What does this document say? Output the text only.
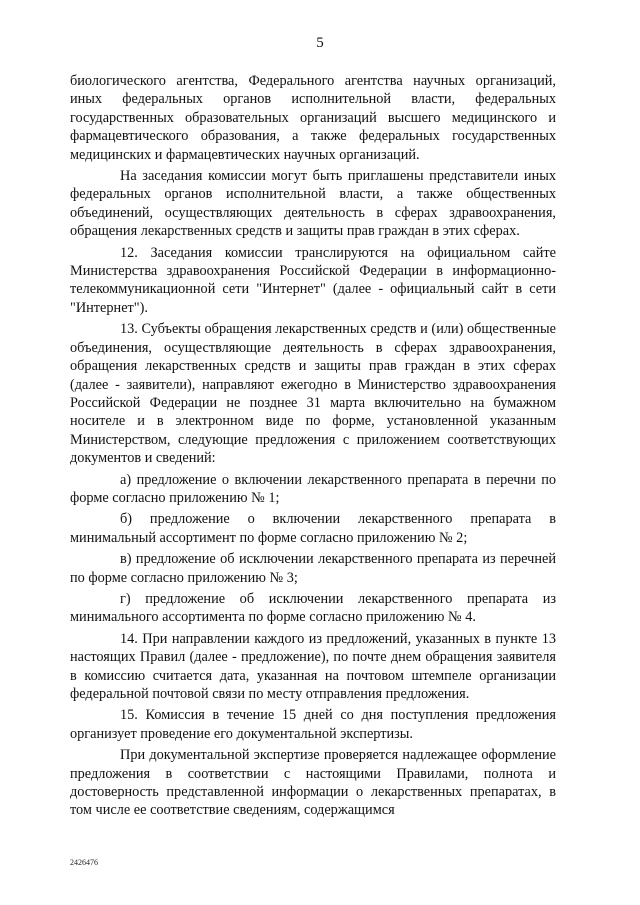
5

биологического агентства, Федерального агентства научных организаций, иных федеральных органов исполнительной власти, федеральных государственных образовательных организаций высшего медицинского и фармацевтического образования, а также федеральных государственных медицинских и фармацевтических научных организаций.

На заседания комиссии могут быть приглашены представители иных федеральных органов исполнительной власти, а также общественных объединений, осуществляющих деятельность в сферах здравоохранения, обращения лекарственных средств и защиты прав граждан в этих сферах.

12. Заседания комиссии транслируются на официальном сайте Министерства здравоохранения Российской Федерации в информационно-телекоммуникационной сети "Интернет" (далее - официальный сайт в сети "Интернет").

13. Субъекты обращения лекарственных средств и (или) общественные объединения, осуществляющие деятельность в сферах здравоохранения, обращения лекарственных средств и защиты прав граждан в этих сферах (далее - заявители), направляют ежегодно в Министерство здравоохранения Российской Федерации не позднее 31 марта включительно на бумажном носителе и в электронном виде по форме, установленной указанным Министерством, следующие предложения с приложением соответствующих документов и сведений:

а) предложение о включении лекарственного препарата в перечни по форме согласно приложению № 1;

б) предложение о включении лекарственного препарата в минимальный ассортимент по форме согласно приложению № 2;

в) предложение об исключении лекарственного препарата из перечней по форме согласно приложению № 3;

г) предложение об исключении лекарственного препарата из минимального ассортимента по форме согласно приложению № 4.

14. При направлении каждого из предложений, указанных в пункте 13 настоящих Правил (далее - предложение), по почте днем обращения заявителя в комиссию считается дата, указанная на почтовом штемпеле организации федеральной почтовой связи по месту отправления предложения.

15. Комиссия в течение 15 дней со дня поступления предложения организует проведение его документальной экспертизы.

При документальной экспертизе проверяется надлежащее оформление предложения в соответствии с настоящими Правилами, полнота и достоверность представленной информации о лекарственных препаратах, в том числе ее соответствие сведениям, содержащимся

2426476
